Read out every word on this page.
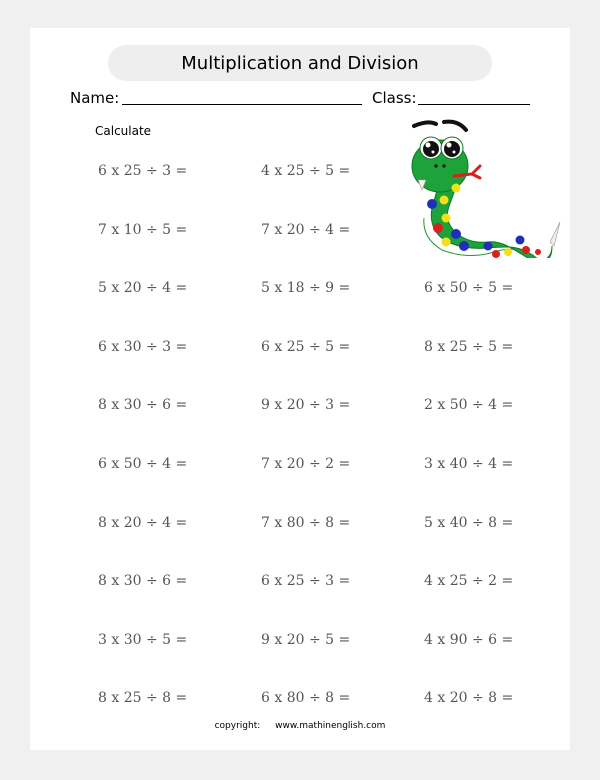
Multiplication and Division
Name:	Class:
Calculate
6 x 25 ÷ 3 =	4 x 25 ÷ 5 =
7 x 10 ÷ 5 =	7 x 20 ÷ 4 =
5 x 20 ÷ 4 =	5 x 18 ÷ 9 =	6 x 50 ÷ 5 =
6 x 30 ÷ 3 =	6 x 25 ÷ 5 =	8 x 25 ÷ 5 =
8 x 30 ÷ 6 =	9 x 20 ÷ 3 =	2 x 50 ÷ 4 =
6 x 50 ÷ 4 =	7 x 20 ÷ 2 =	3 x 40 ÷ 4 =
8 x 20 ÷ 4 =	7 x 80 ÷ 8 =	5 x 40 ÷ 8 =
8 x 30 ÷ 6 =	6 x 25 ÷ 3 =	4 x 25 ÷ 2 =
3 x 30 ÷ 5 =	9 x 20 ÷ 5 =	4 x 90 ÷ 6 =
8 x 25 ÷ 8 =	6 x 80 ÷ 8 =	4 x 20 ÷ 8 =
copyright: www.mathinenglish.com
